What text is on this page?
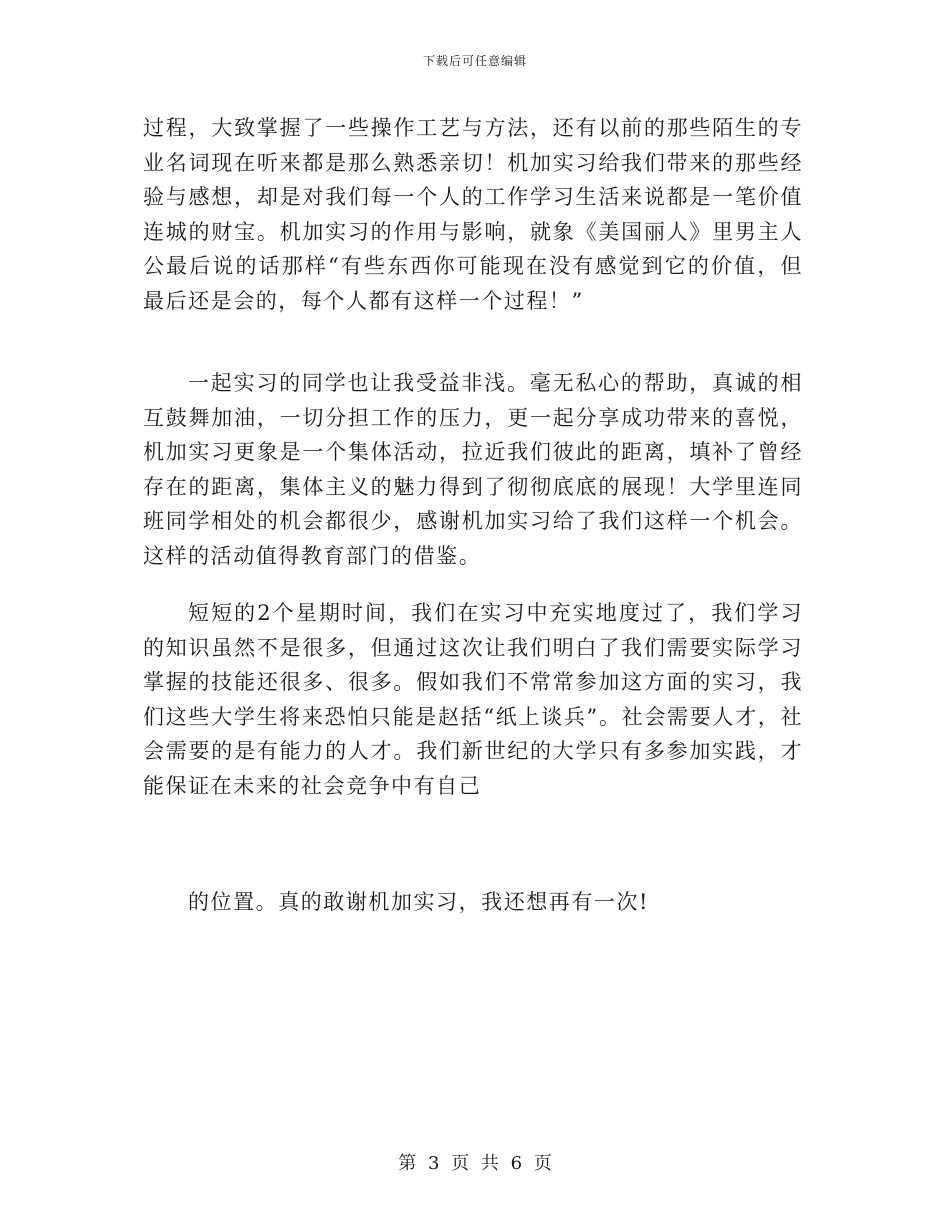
下载后可任意编辑

过程，大致掌握了一些操作工艺与方法，还有以前的那些陌生的专业名词现在听来都是那么熟悉亲切！机加实习给我们带来的那些经验与感想，却是对我们每一个人的工作学习生活来说都是一笔价值连城的财宝。机加实习的作用与影响，就象《美国丽人》里男主人公最后说的话那样“有些东西你可能现在没有感觉到它的价值，但最后还是会的，每个人都有这样一个过程！”

一起实习的同学也让我受益非浅。毫无私心的帮助，真诚的相互鼓舞加油，一切分担工作的压力，更一起分享成功带来的喜悦，机加实习更象是一个集体活动，拉近我们彼此的距离，填补了曾经存在的距离，集体主义的魅力得到了彻彻底底的展现！大学里连同班同学相处的机会都很少，感谢机加实习给了我们这样一个机会。这样的活动值得教育部门的借鉴。

短短的2个星期时间，我们在实习中充实地度过了，我们学习的知识虽然不是很多，但通过这次让我们明白了我们需要实际学习掌握的技能还很多、很多。假如我们不常常参加这方面的实习，我们这些大学生将来恐怕只能是赵括“纸上谈兵”。社会需要人才，社会需要的是有能力的人才。我们新世纪的大学只有多参加实践，才能保证在未来的社会竞争中有自己

的位置。真的敢谢机加实习，我还想再有一次!

第 3 页 共 6 页
